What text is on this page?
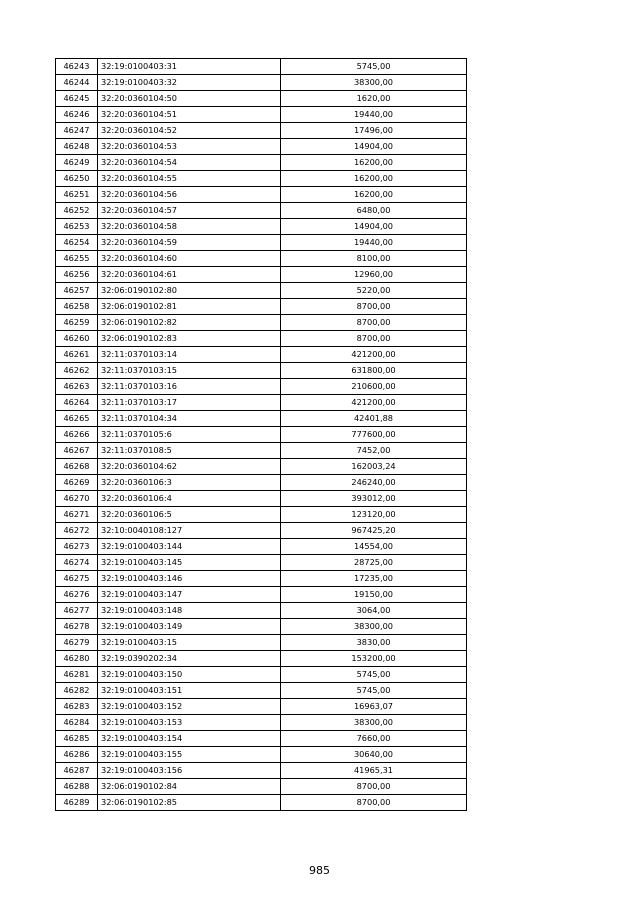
46243	32:19:0100403:31	5745,00
46244	32:19:0100403:32	38300,00
46245	32:20:0360104:50	1620,00
46246	32:20:0360104:51	19440,00
46247	32:20:0360104:52	17496,00
46248	32:20:0360104:53	14904,00
46249	32:20:0360104:54	16200,00
46250	32:20:0360104:55	16200,00
46251	32:20:0360104:56	16200,00
46252	32:20:0360104:57	6480,00
46253	32:20:0360104:58	14904,00
46254	32:20:0360104:59	19440,00
46255	32:20:0360104:60	8100,00
46256	32:20:0360104:61	12960,00
46257	32:06:0190102:80	5220,00
46258	32:06:0190102:81	8700,00
46259	32:06:0190102:82	8700,00
46260	32:06:0190102:83	8700,00
46261	32:11:0370103:14	421200,00
46262	32:11:0370103:15	631800,00
46263	32:11:0370103:16	210600,00
46264	32:11:0370103:17	421200,00
46265	32:11:0370104:34	42401,88
46266	32:11:0370105:6	777600,00
46267	32:11:0370108:5	7452,00
46268	32:20:0360104:62	162003,24
46269	32:20:0360106:3	246240,00
46270	32:20:0360106:4	393012,00
46271	32:20:0360106:5	123120,00
46272	32:10:0040108:127	967425,20
46273	32:19:0100403:144	14554,00
46274	32:19:0100403:145	28725,00
46275	32:19:0100403:146	17235,00
46276	32:19:0100403:147	19150,00
46277	32:19:0100403:148	3064,00
46278	32:19:0100403:149	38300,00
46279	32:19:0100403:15	3830,00
46280	32:19:0390202:34	153200,00
46281	32:19:0100403:150	5745,00
46282	32:19:0100403:151	5745,00
46283	32:19:0100403:152	16963,07
46284	32:19:0100403:153	38300,00
46285	32:19:0100403:154	7660,00
46286	32:19:0100403:155	30640,00
46287	32:19:0100403:156	41965,31
46288	32:06:0190102:84	8700,00
46289	32:06:0190102:85	8700,00
985
